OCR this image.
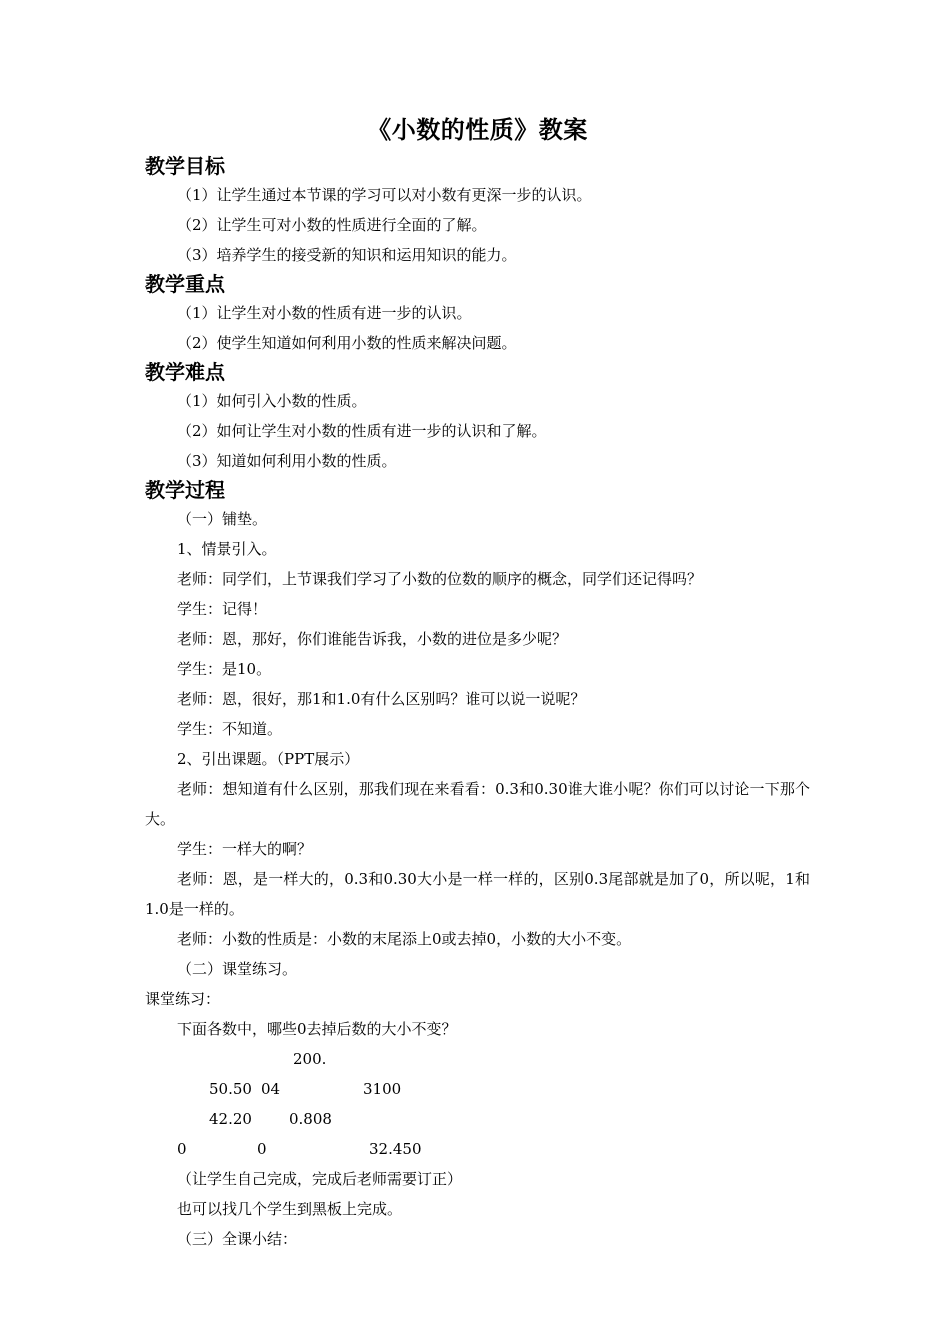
《小数的性质》教案
教学目标
（1）让学生通过本节课的学习可以对小数有更深一步的认识。
（2）让学生可对小数的性质进行全面的了解。
（3）培养学生的接受新的知识和运用知识的能力。
教学重点
（1）让学生对小数的性质有进一步的认识。
（2）使学生知道如何利用小数的性质来解决问题。
教学难点
（1）如何引入小数的性质。
（2）如何让学生对小数的性质有进一步的认识和了解。
（3）知道如何利用小数的性质。
教学过程
（一）铺垫。
1、情景引入。
老师：同学们，上节课我们学习了小数的位数的顺序的概念，同学们还记得吗？
学生：记得！
老师：恩，那好，你们谁能告诉我，小数的进位是多少呢？
学生：是10。
老师：恩，很好，那1和1.0有什么区别吗？谁可以说一说呢？
学生：不知道。
2、引出课题。（PPT展示）
老师：想知道有什么区别，那我们现在来看看：0.3和0.30谁大谁小呢？你们可以讨论一下那个大。
学生：一样大的啊？
老师：恩，是一样大的，0.3和0.30大小是一样一样的，区别0.3尾部就是加了0，所以呢，1和1.0是一样的。
老师：小数的性质是：小数的末尾添上0或去掉0，小数的大小不变。
（二）课堂练习。
课堂练习：
下面各数中，哪些0去掉后数的大小不变？
50.50200.04	3100
42.2000.8080	32.450
（让学生自己完成，完成后老师需要订正）
也可以找几个学生到黑板上完成。
（三）全课小结：
